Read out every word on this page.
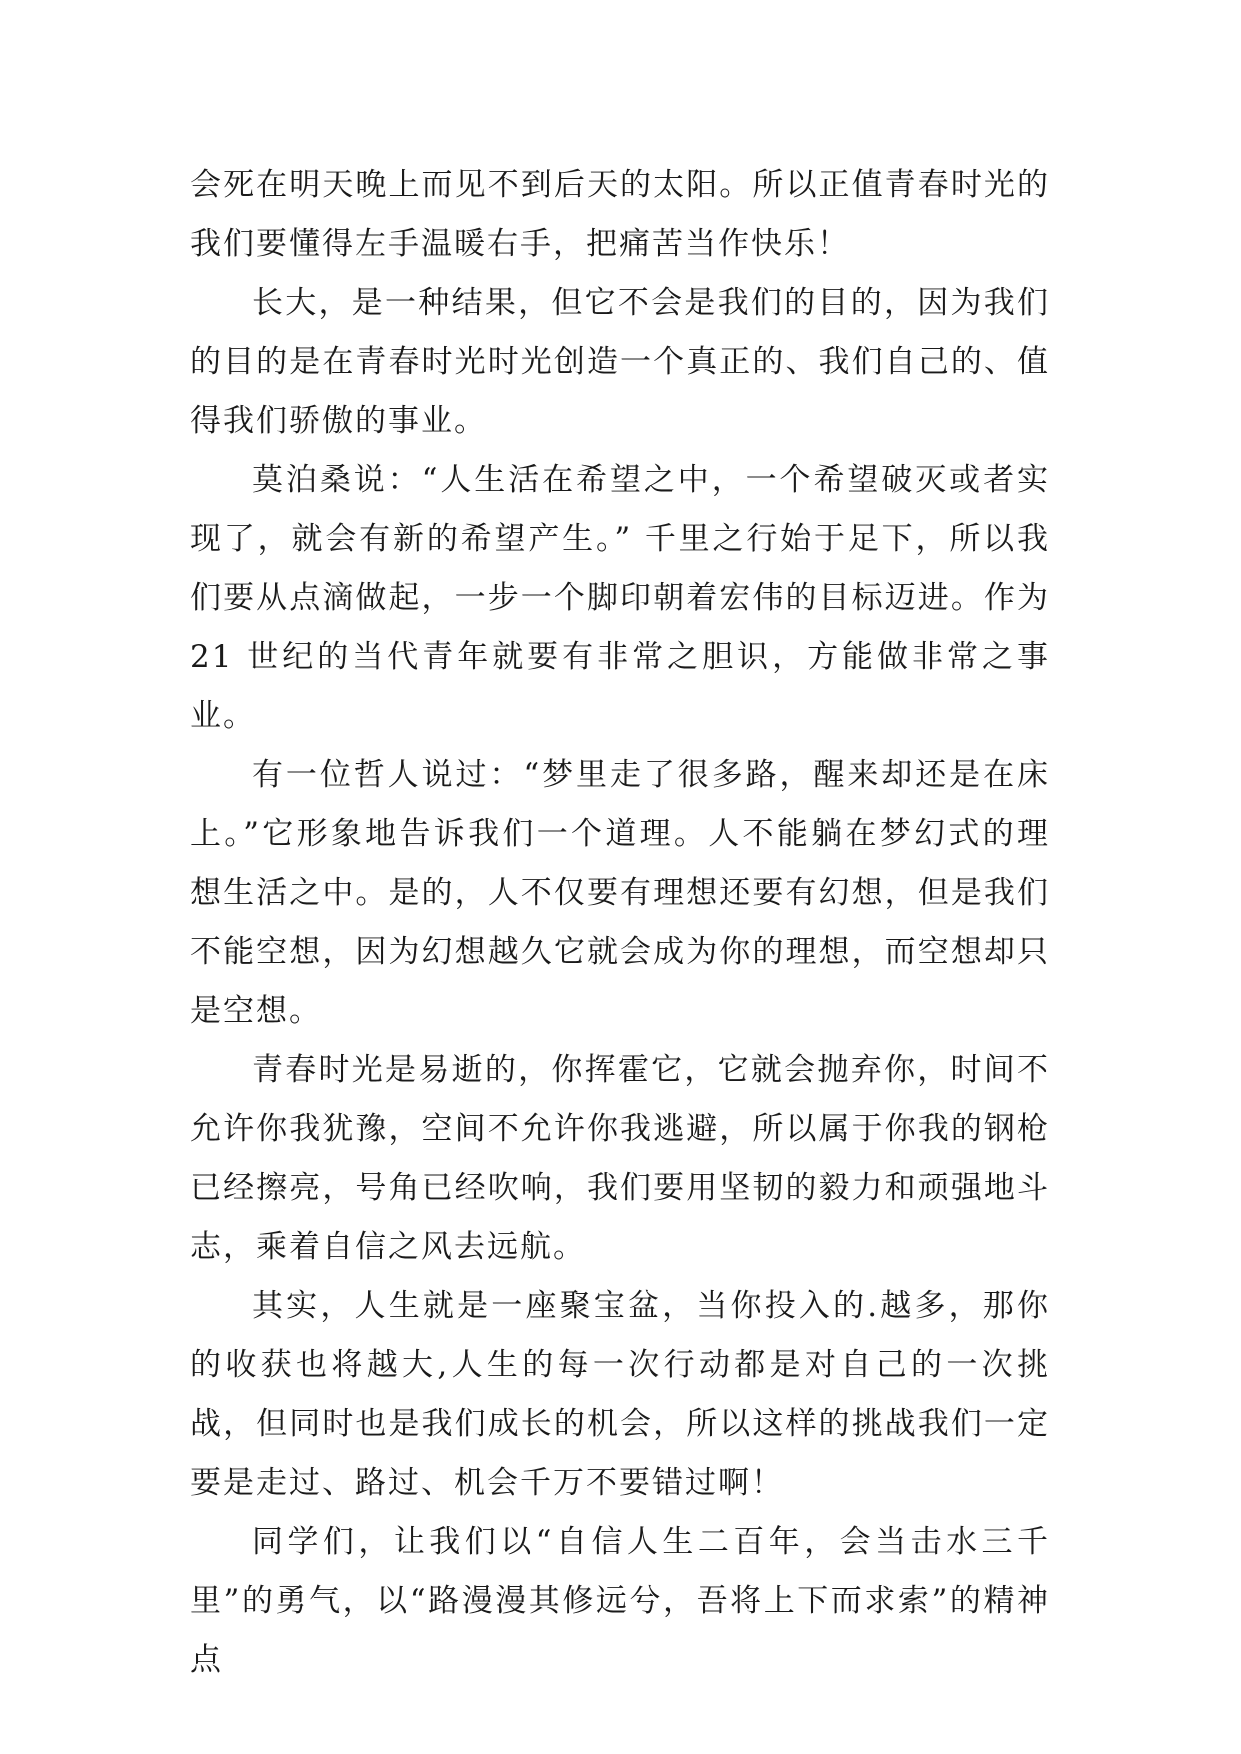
会死在明天晚上而见不到后天的太阳。所以正值青春时光的我们要懂得左手温暖右手，把痛苦当作快乐！

长大，是一种结果，但它不会是我们的目的，因为我们的目的是在青春时光时光创造一个真正的、我们自己的、值得我们骄傲的事业。

莫泊桑说：“人生活在希望之中，一个希望破灭或者实现了，就会有新的希望产生。” 千里之行始于足下，所以我们要从点滴做起，一步一个脚印朝着宏伟的目标迈进。作为21 世纪的当代青年就要有非常之胆识，方能做非常之事业。

有一位哲人说过：“梦里走了很多路，醒来却还是在床上。”它形象地告诉我们一个道理。人不能躺在梦幻式的理想生活之中。是的，人不仅要有理想还要有幻想，但是我们不能空想，因为幻想越久它就会成为你的理想，而空想却只是空想。

青春时光是易逝的，你挥霍它，它就会抛弃你，时间不允许你我犹豫，空间不允许你我逃避，所以属于你我的钢枪已经擦亮，号角已经吹响，我们要用坚韧的毅力和顽强地斗志，乘着自信之风去远航。

其实，人生就是一座聚宝盆，当你投入的.越多，那你的收获也将越大,人生的每一次行动都是对自己的一次挑战，但同时也是我们成长的机会，所以这样的挑战我们一定要是走过、路过、机会千万不要错过啊！

同学们，让我们以“自信人生二百年，会当击水三千里”的勇气，以“路漫漫其修远兮，吾将上下而求索”的精神点
